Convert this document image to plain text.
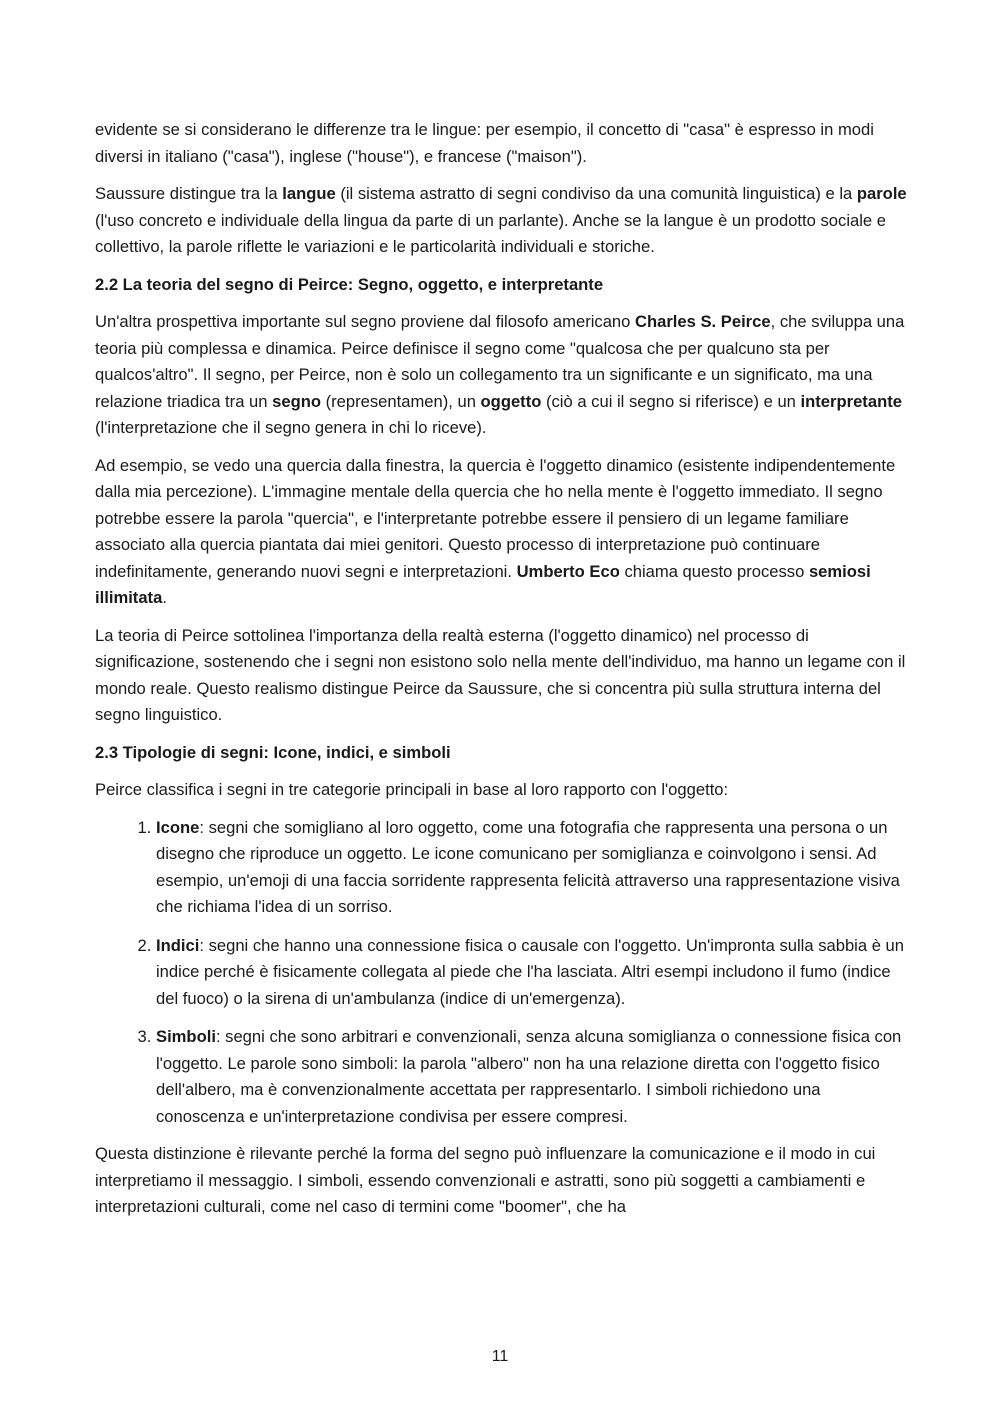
evidente se si considerano le differenze tra le lingue: per esempio, il concetto di "casa" è espresso in modi diversi in italiano ("casa"), inglese ("house"), e francese ("maison").

Saussure distingue tra la langue (il sistema astratto di segni condiviso da una comunità linguistica) e la parole (l'uso concreto e individuale della lingua da parte di un parlante). Anche se la langue è un prodotto sociale e collettivo, la parole riflette le variazioni e le particolarità individuali e storiche.

2.2 La teoria del segno di Peirce: Segno, oggetto, e interpretante

Un'altra prospettiva importante sul segno proviene dal filosofo americano Charles S. Peirce, che sviluppa una teoria più complessa e dinamica. Peirce definisce il segno come "qualcosa che per qualcuno sta per qualcos'altro". Il segno, per Peirce, non è solo un collegamento tra un significante e un significato, ma una relazione triadica tra un segno (representamen), un oggetto (ciò a cui il segno si riferisce) e un interpretante (l'interpretazione che il segno genera in chi lo riceve).

Ad esempio, se vedo una quercia dalla finestra, la quercia è l'oggetto dinamico (esistente indipendentemente dalla mia percezione). L'immagine mentale della quercia che ho nella mente è l'oggetto immediato. Il segno potrebbe essere la parola "quercia", e l'interpretante potrebbe essere il pensiero di un legame familiare associato alla quercia piantata dai miei genitori. Questo processo di interpretazione può continuare indefinitamente, generando nuovi segni e interpretazioni. Umberto Eco chiama questo processo semiosi illimitata.

La teoria di Peirce sottolinea l'importanza della realtà esterna (l'oggetto dinamico) nel processo di significazione, sostenendo che i segni non esistono solo nella mente dell'individuo, ma hanno un legame con il mondo reale. Questo realismo distingue Peirce da Saussure, che si concentra più sulla struttura interna del segno linguistico.

2.3 Tipologie di segni: Icone, indici, e simboli

Peirce classifica i segni in tre categorie principali in base al loro rapporto con l'oggetto:

1. Icone: segni che somigliano al loro oggetto, come una fotografia che rappresenta una persona o un disegno che riproduce un oggetto. Le icone comunicano per somiglianza e coinvolgono i sensi. Ad esempio, un'emoji di una faccia sorridente rappresenta felicità attraverso una rappresentazione visiva che richiama l'idea di un sorriso.
2. Indici: segni che hanno una connessione fisica o causale con l'oggetto. Un'impronta sulla sabbia è un indice perché è fisicamente collegata al piede che l'ha lasciata. Altri esempi includono il fumo (indice del fuoco) o la sirena di un'ambulanza (indice di un'emergenza).
3. Simboli: segni che sono arbitrari e convenzionali, senza alcuna somiglianza o connessione fisica con l'oggetto. Le parole sono simboli: la parola "albero" non ha una relazione diretta con l'oggetto fisico dell'albero, ma è convenzionalmente accettata per rappresentarlo. I simboli richiedono una conoscenza e un'interpretazione condivisa per essere compresi.

Questa distinzione è rilevante perché la forma del segno può influenzare la comunicazione e il modo in cui interpretiamo il messaggio. I simboli, essendo convenzionali e astratti, sono più soggetti a cambiamenti e interpretazioni culturali, come nel caso di termini come "boomer", che ha

11
